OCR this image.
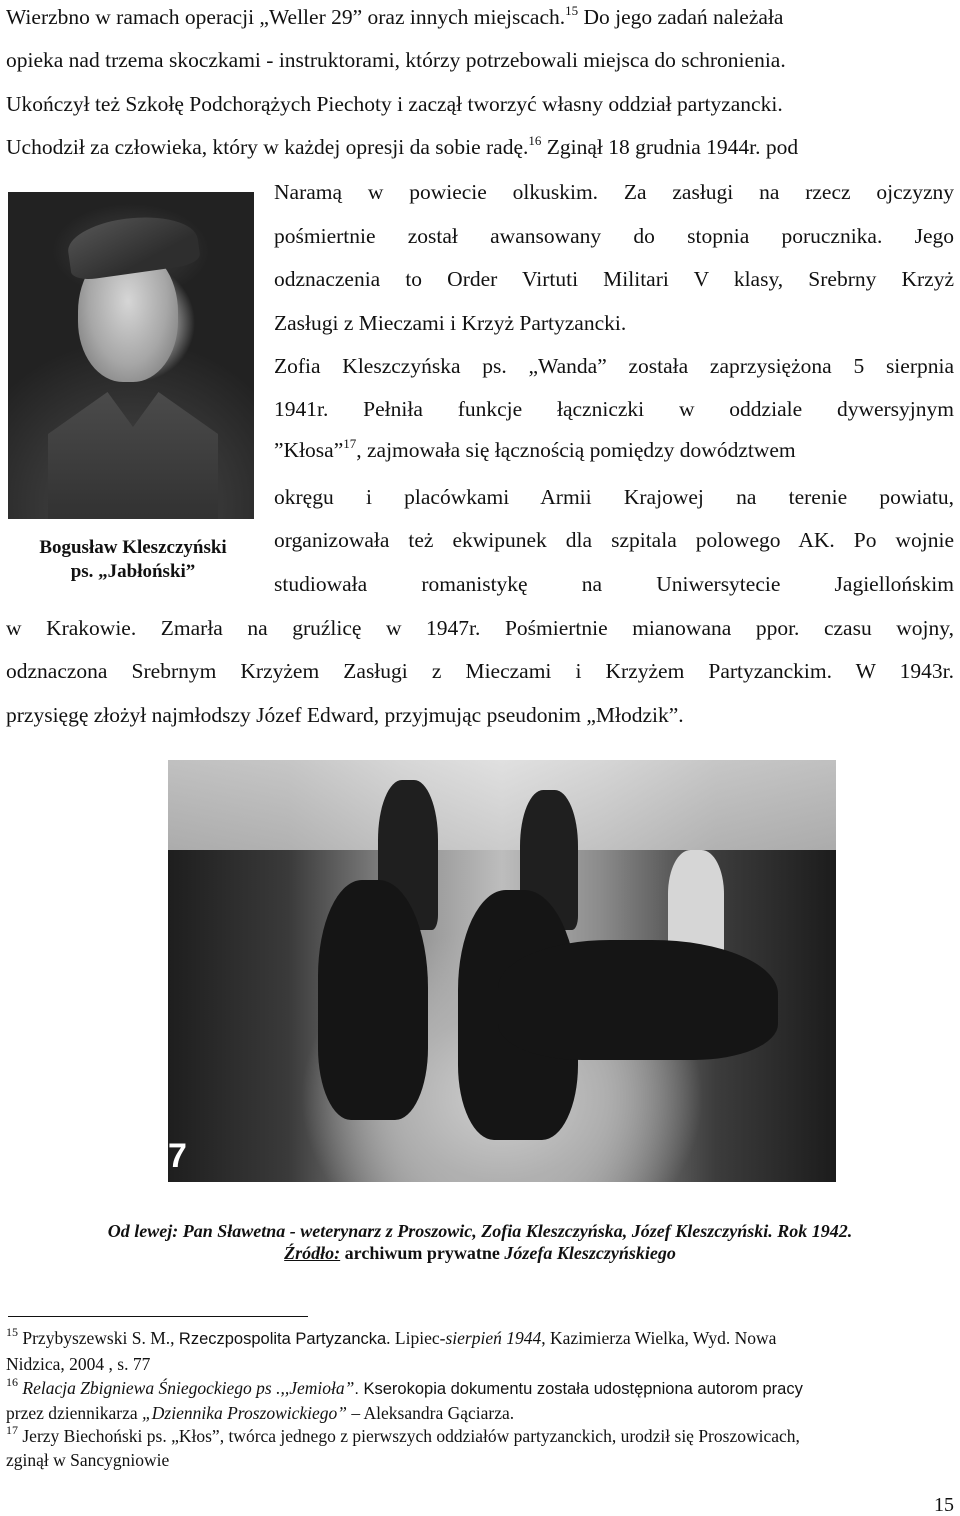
Wierzbno w ramach operacji „Weller 29” oraz innych miejscach.$^{15}$ Do jego zadań należała
opieka nad trzema skoczkami - instruktorami, którzy potrzebowali miejsca do schronienia.
Ukończył też Szkołę Podchorążych Piechoty i zaczął tworzyć własny oddział partyzancki.
Uchodził za człowieka, który w każdej opresji da sobie radę.$^{16}$ Zginął 18 grudnia 1944r. pod
Bogusław Kleszczyński
ps. „Jabłoński”
Naramą w powiecie olkuskim. Za zasługi na rzecz ojczyzny
pośmiertnie został awansowany do stopnia porucznika. Jego
odznaczenia to Order Virtuti Militari V klasy, Srebrny Krzyż
Zasługi z Mieczami i Krzyż Partyzancki.
Zofia Kleszczyńska ps. „Wanda” została zaprzysiężona 5 sierpnia
1941r. Pełniła funkcje łączniczki w oddziale dywersyjnym
”Kłosa”$^{17}$, zajmowała się łącznością pomiędzy dowództwem
okręgu i placówkami Armii Krajowej na terenie powiatu,
organizowała też ekwipunek dla szpitala polowego AK. Po wojnie
studiowała romanistykę na Uniwersytecie Jagiellońskim
w Krakowie. Zmarła na gruźlicę w 1947r. Pośmiertnie mianowana ppor. czasu wojny,
odznaczona Srebrnym Krzyżem Zasługi z Mieczami i Krzyżem Partyzanckim. W 1943r.
przysięgę złożył najmłodszy Józef Edward, przyjmując pseudonim „Młodzik”.
7
Od lewej: Pan Sławetna - weterynarz z Proszowic, Zofia Kleszczyńska, Józef Kleszczyński. Rok 1942.
Źródło: archiwum prywatne Józefa Kleszczyńskiego
$^{15}$ Przybyszewski S. M., Rzeczpospolita Partyzancka. Lipiec-sierpień 1944, Kazimierza Wielka, Wyd. Nowa
Nidzica, 2004 , s. 77
$^{16}$ Relacja Zbigniewa Śniegockiego ps .,,Jemioła”. Kserokopia dokumentu została udostępniona autorom pracy
przez dziennikarza „Dziennika Proszowickiego” – Aleksandra Gąciarza.
$^{17}$ Jerzy Biechoński ps. „Kłos”, twórca jednego z pierwszych oddziałów partyzanckich, urodził się Proszowicach,
zginął w Sancygniowie
15
